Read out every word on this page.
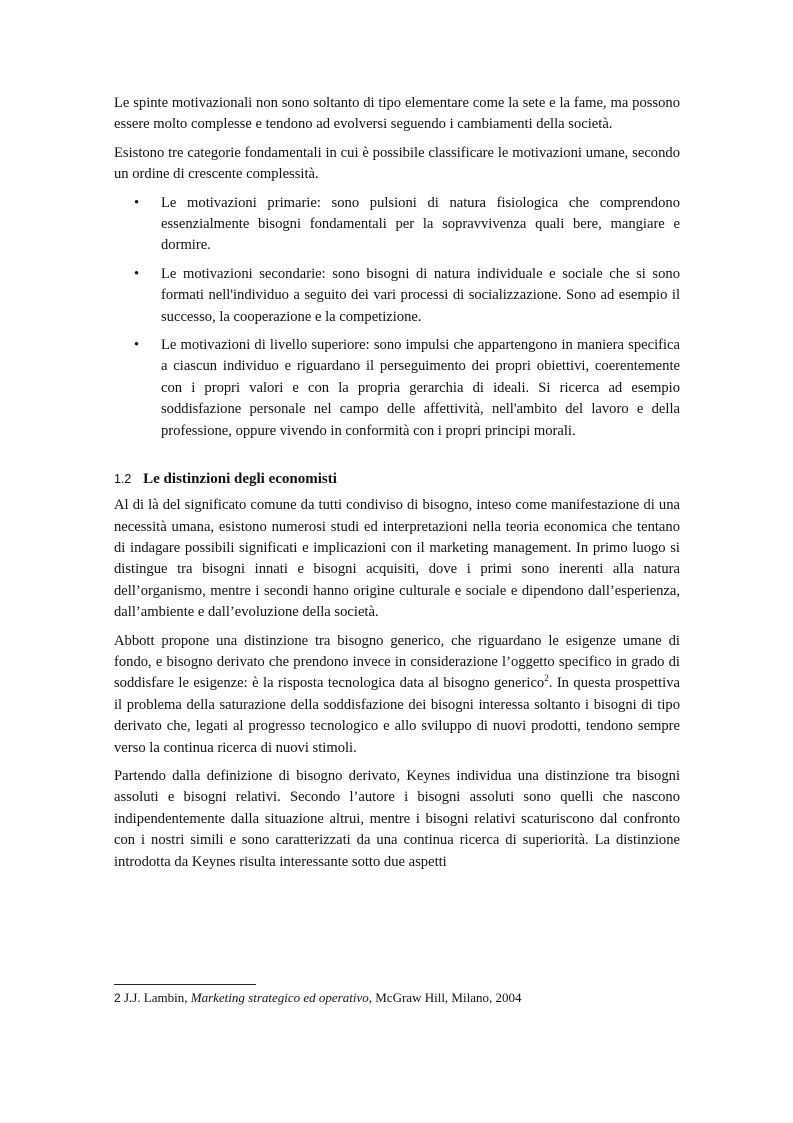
Le spinte motivazionali non sono soltanto di tipo elementare come la sete e la fame, ma possono essere molto complesse e tendono ad evolversi seguendo i cambiamenti della società.

Esistono tre categorie fondamentali in cui è possibile classificare le motivazioni umane, secondo un ordine di crescente complessità.

• Le motivazioni primarie: sono pulsioni di natura fisiologica che comprendono essenzialmente bisogni fondamentali per la sopravvivenza quali bere, mangiare e dormire.
• Le motivazioni secondarie: sono bisogni di natura individuale e sociale che si sono formati nell'individuo a seguito dei vari processi di socializzazione. Sono ad esempio il successo, la cooperazione e la competizione.
• Le motivazioni di livello superiore: sono impulsi che appartengono in maniera specifica a ciascun individuo e riguardano il perseguimento dei propri obiettivi, coerentemente con i propri valori e con la propria gerarchia di ideali. Si ricerca ad esempio soddisfazione personale nel campo delle affettività, nell'ambito del lavoro e della professione, oppure vivendo in conformità con i propri principi morali.
1.2 Le distinzioni degli economisti

Al di là del significato comune da tutti condiviso di bisogno, inteso come manifestazione di una necessità umana, esistono numerosi studi ed interpretazioni nella teoria economica che tentano di indagare possibili significati e implicazioni con il marketing management. In primo luogo si distingue tra bisogni innati e bisogni acquisiti, dove i primi sono inerenti alla natura dell’organismo, mentre i secondi hanno origine culturale e sociale e dipendono dall’esperienza, dall’ambiente e dall’evoluzione della società.

Abbott propone una distinzione tra bisogno generico, che riguardano le esigenze umane di fondo, e bisogno derivato che prendono invece in considerazione l’oggetto specifico in grado di soddisfare le esigenze: è la risposta tecnologica data al bisogno generico$^2$. In questa prospettiva il problema della saturazione della soddisfazione dei bisogni interessa soltanto i bisogni di tipo derivato che, legati al progresso tecnologico e allo sviluppo di nuovi prodotti, tendono sempre verso la continua ricerca di nuovi stimoli.

Partendo dalla definizione di bisogno derivato, Keynes individua una distinzione tra bisogni assoluti e bisogni relativi. Secondo l’autore i bisogni assoluti sono quelli che nascono indipendentemente dalla situazione altrui, mentre i bisogni relativi scaturiscono dal confronto con i nostri simili e sono caratterizzati da una continua ricerca di superiorità. La distinzione introdotta da Keynes risulta interessante sotto due aspetti

2 J.J. Lambin, Marketing strategico ed operativo, McGraw Hill, Milano, 2004
